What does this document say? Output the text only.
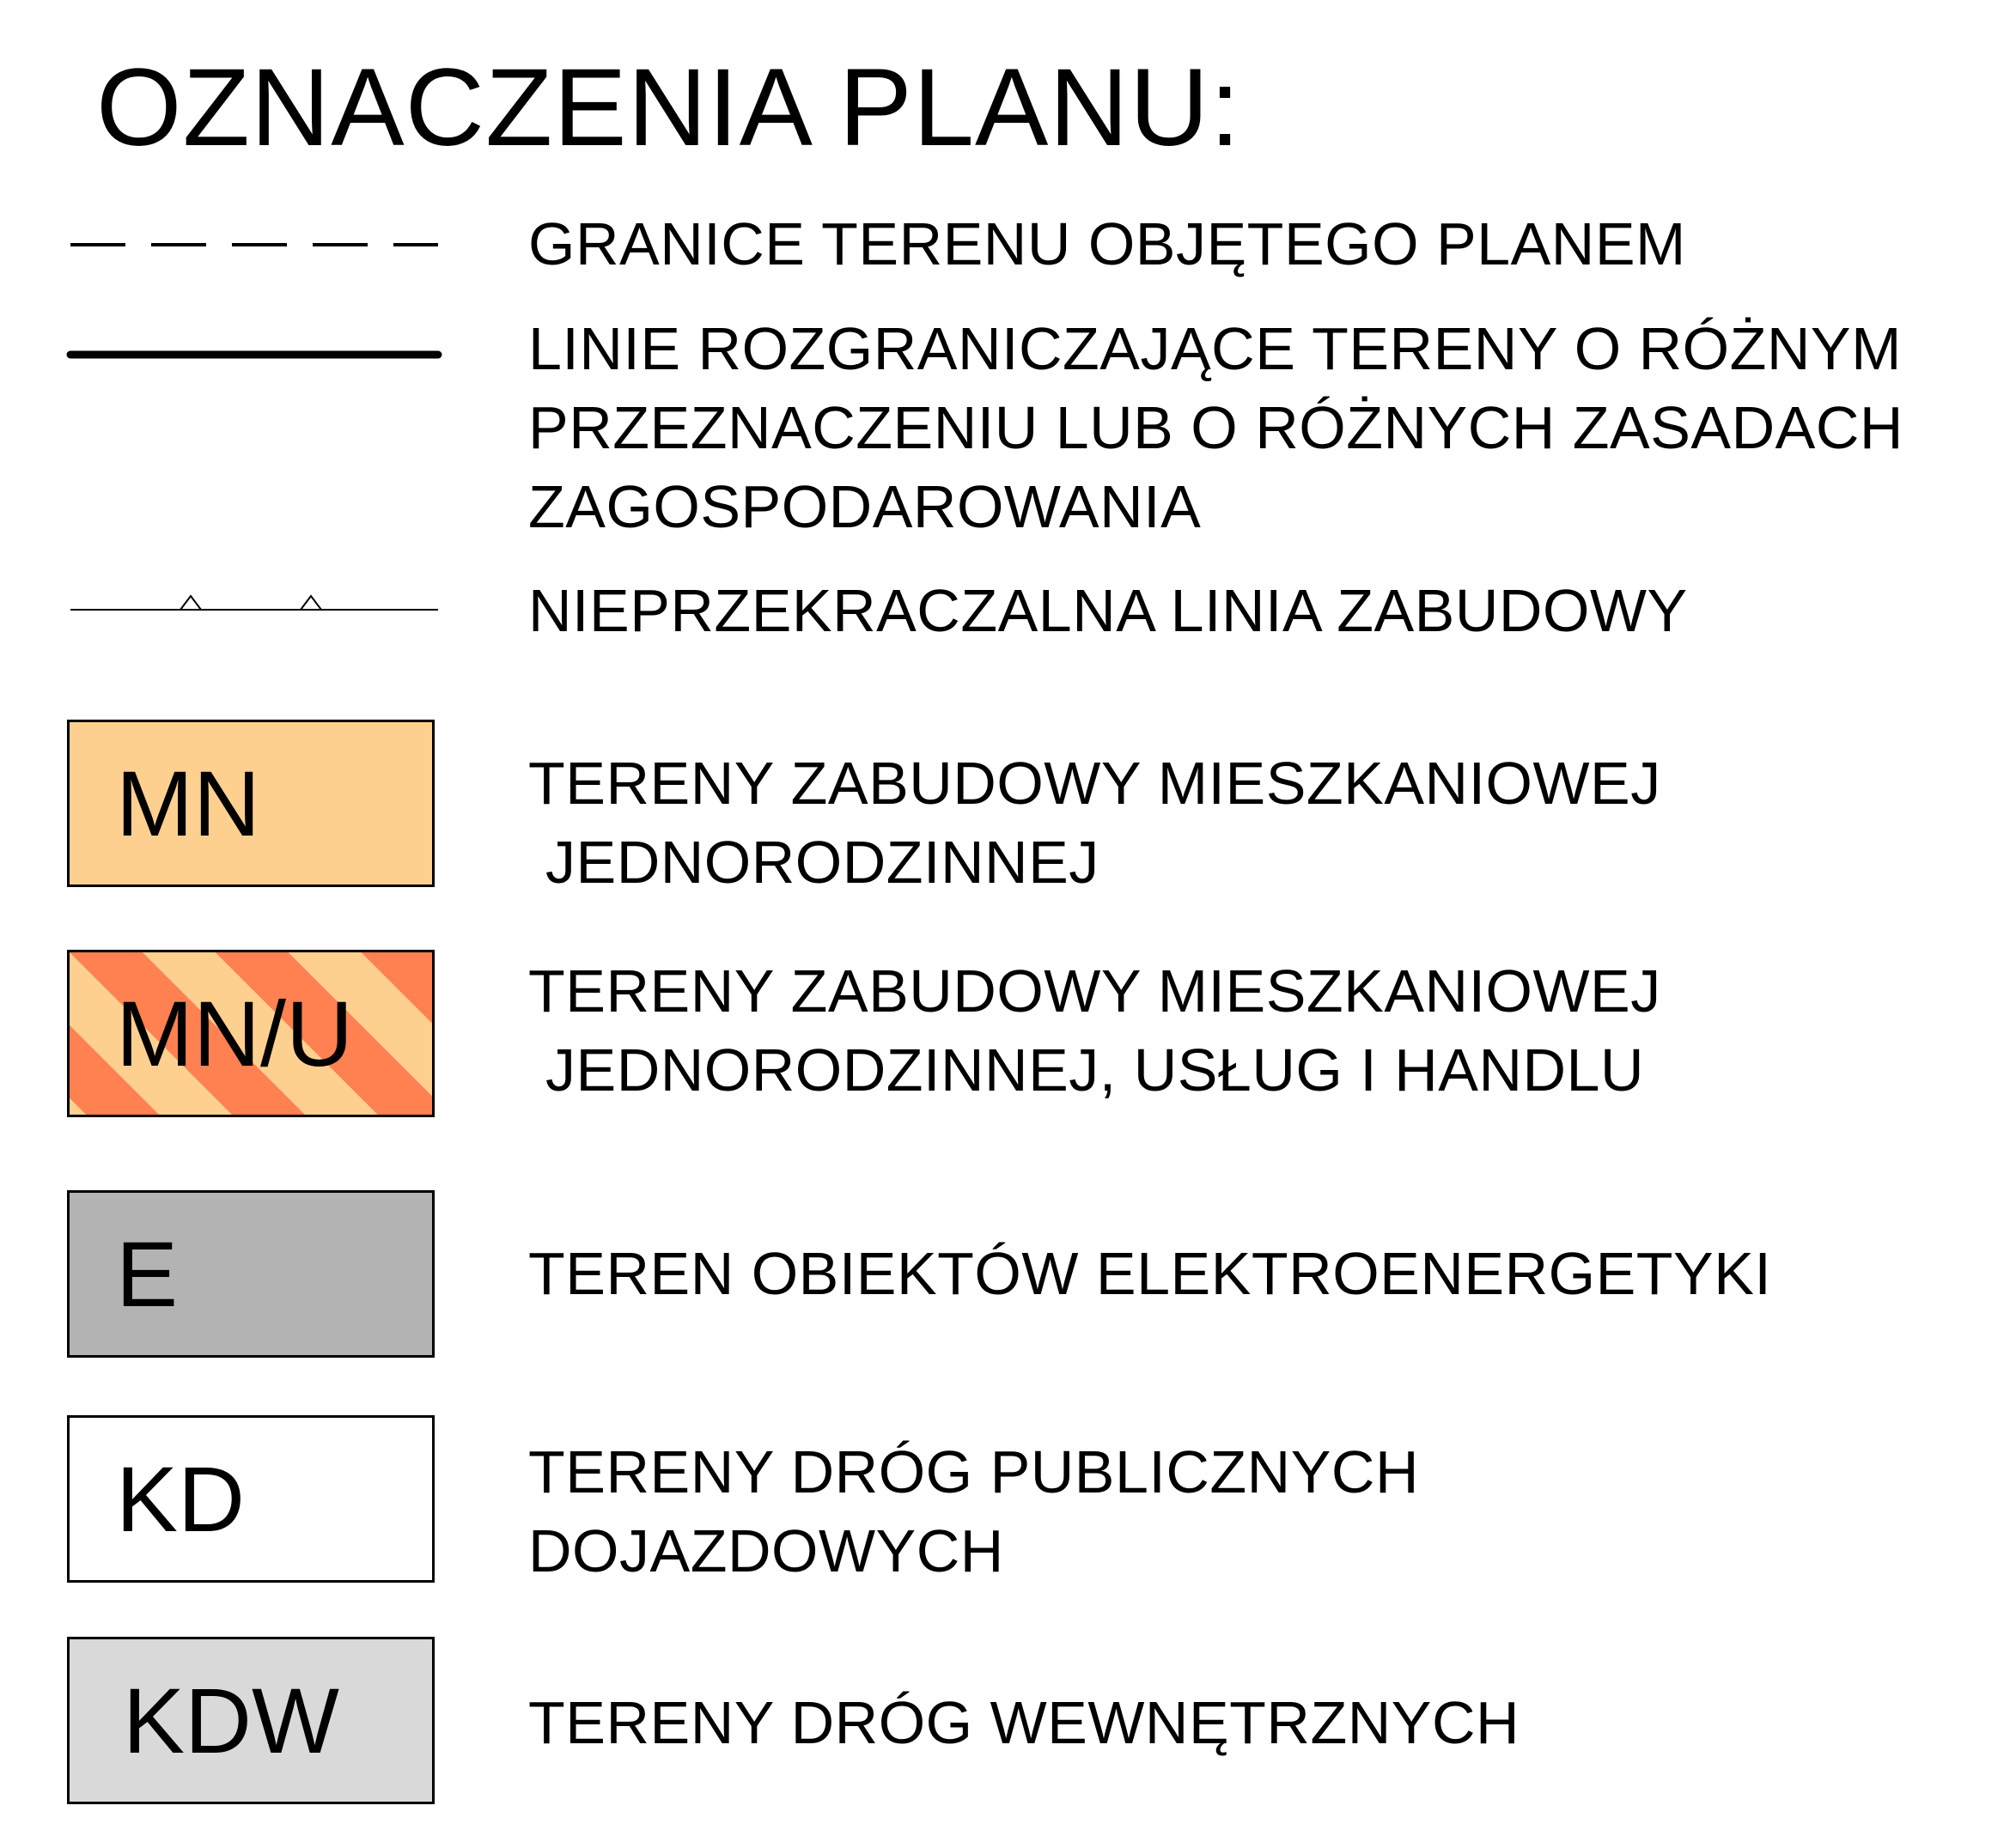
OZNACZENIA PLANU:
GRANICE TERENU OBJĘTEGO PLANEM
LINIE ROZGRANICZAJĄCE TERENY O RÓŻNYM
PRZEZNACZENIU LUB O RÓŻNYCH ZASADACH
ZAGOSPODAROWANIA
NIEPRZEKRACZALNA LINIA ZABUDOWY
MN	TERENY ZABUDOWY MIESZKANIOWEJ
JEDNORODZINNEJ
MN/U	TERENY ZABUDOWY MIESZKANIOWEJ
JEDNORODZINNEJ, USŁUG I HANDLU
E	TEREN OBIEKTÓW ELEKTROENERGETYKI
KD	TERENY DRÓG PUBLICZNYCH
DOJAZDOWYCH
KDW	TERENY DRÓG WEWNĘTRZNYCH
